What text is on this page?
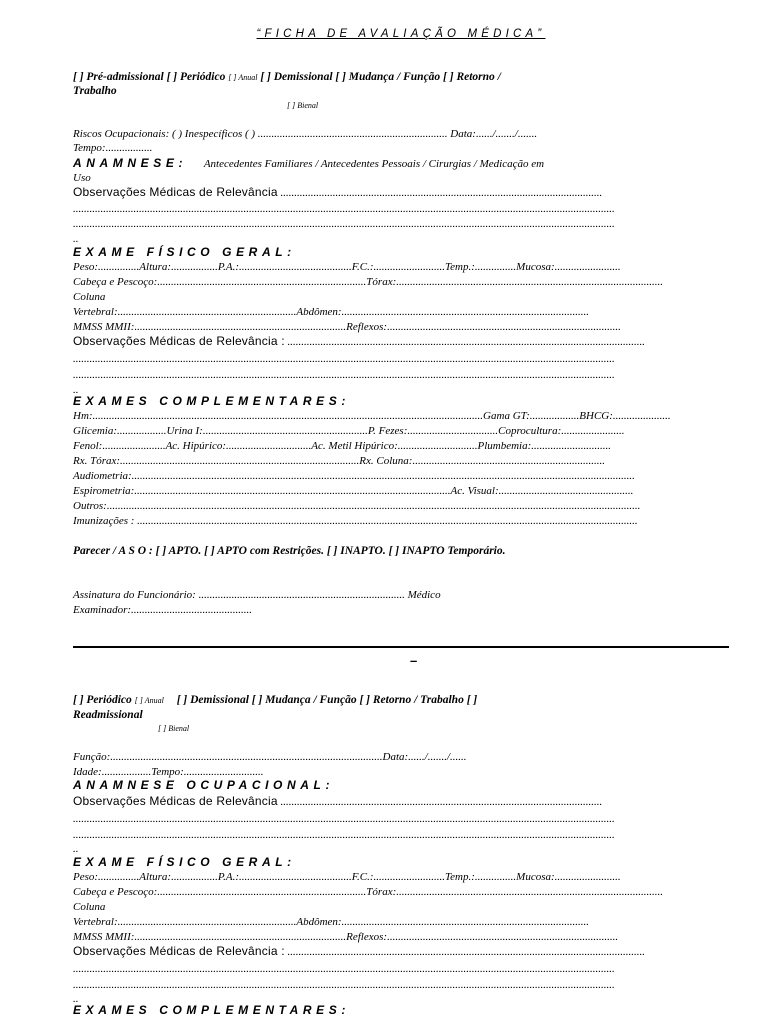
“FICHA DE AVALIAÇÃO MÉDICA”
[ ] Pré-admissional [ ] Periódico [ ] Anual [ ] Demissional [ ] Mudança / Função [ ] Retorno /
Trabalho
[ ] Bienal
Riscos Ocupacionais: ( ) Inespecíficos ( ) ..................................................................... Data:....../......./.......
Tempo:.................
ANAMNESE: Antecedentes Familiares / Antecedentes Pessoais / Cirurgias / Medicação em
Uso
Observações Médicas de Relevância .....................................................................................................................
.....................................................................................................................................................................................................
.....................................................................................................................................................................................................
..
EXAME FÍSICO GERAL:
Peso:...............Altura:.................P.A.:.........................................F.C.:..........................Temp.:...............Mucosa:........................
Cabeça e Pescoço:............................................................................Tórax:.................................................................................................
Coluna
Vertebral:.................................................................Abdômen:..........................................................................................
MMSS MMII:.............................................................................Reflexos:.....................................................................................
Observações Médicas de Relevância : ..................................................................................................................................
.....................................................................................................................................................................................................
.....................................................................................................................................................................................................
..
EXAMES COMPLEMENTARES:
Hm:..............................................................................................................................................Gama GT:..................BHCG:.....................
Glicemia:..................Urina I:............................................................P. Fezes:.................................Coprocultura:.......................
Fenol:.......................Ac. Hipúrico:...............................Ac. Metil Hipúrico:.............................Plumbemia:.............................
Rx. Tórax:.......................................................................................Rx. Coluna:......................................................................
Audiometria:.......................................................................................................................................................................................
Espirometria:...................................................................................................................Ac. Visual:.................................................
Outros:..................................................................................................................................................................................................
Imunizações : ......................................................................................................................................................................................
Parecer / A S O : [ ] APTO. [ ] APTO com Restrições. [ ] INAPTO. [ ] INAPTO Temporário.
Assinatura do Funcionário: ........................................................................... Médico
Examinador:............................................
–
[ ] Periódico [ ] Anual [ ] Demissional [ ] Mudança / Função [ ] Retorno / Trabalho [ ]
Readmissional
[ ] Bienal
Função:...................................................................................................Data:....../......./......
Idade:..................Tempo:.............................
ANAMNESE OCUPACIONAL:
Observações Médicas de Relevância .....................................................................................................................
.....................................................................................................................................................................................................
.....................................................................................................................................................................................................
..
EXAME FÍSICO GERAL:
Peso:...............Altura:.................P.A.:.........................................F.C.:..........................Temp.:...............Mucosa:........................
Cabeça e Pescoço:............................................................................Tórax:.................................................................................................
Coluna
Vertebral:.................................................................Abdômen:..........................................................................................
MMSS MMII:.............................................................................Reflexos:....................................................................................
Observações Médicas de Relevância : ..................................................................................................................................
.....................................................................................................................................................................................................
.....................................................................................................................................................................................................
..
EXAMES COMPLEMENTARES:
